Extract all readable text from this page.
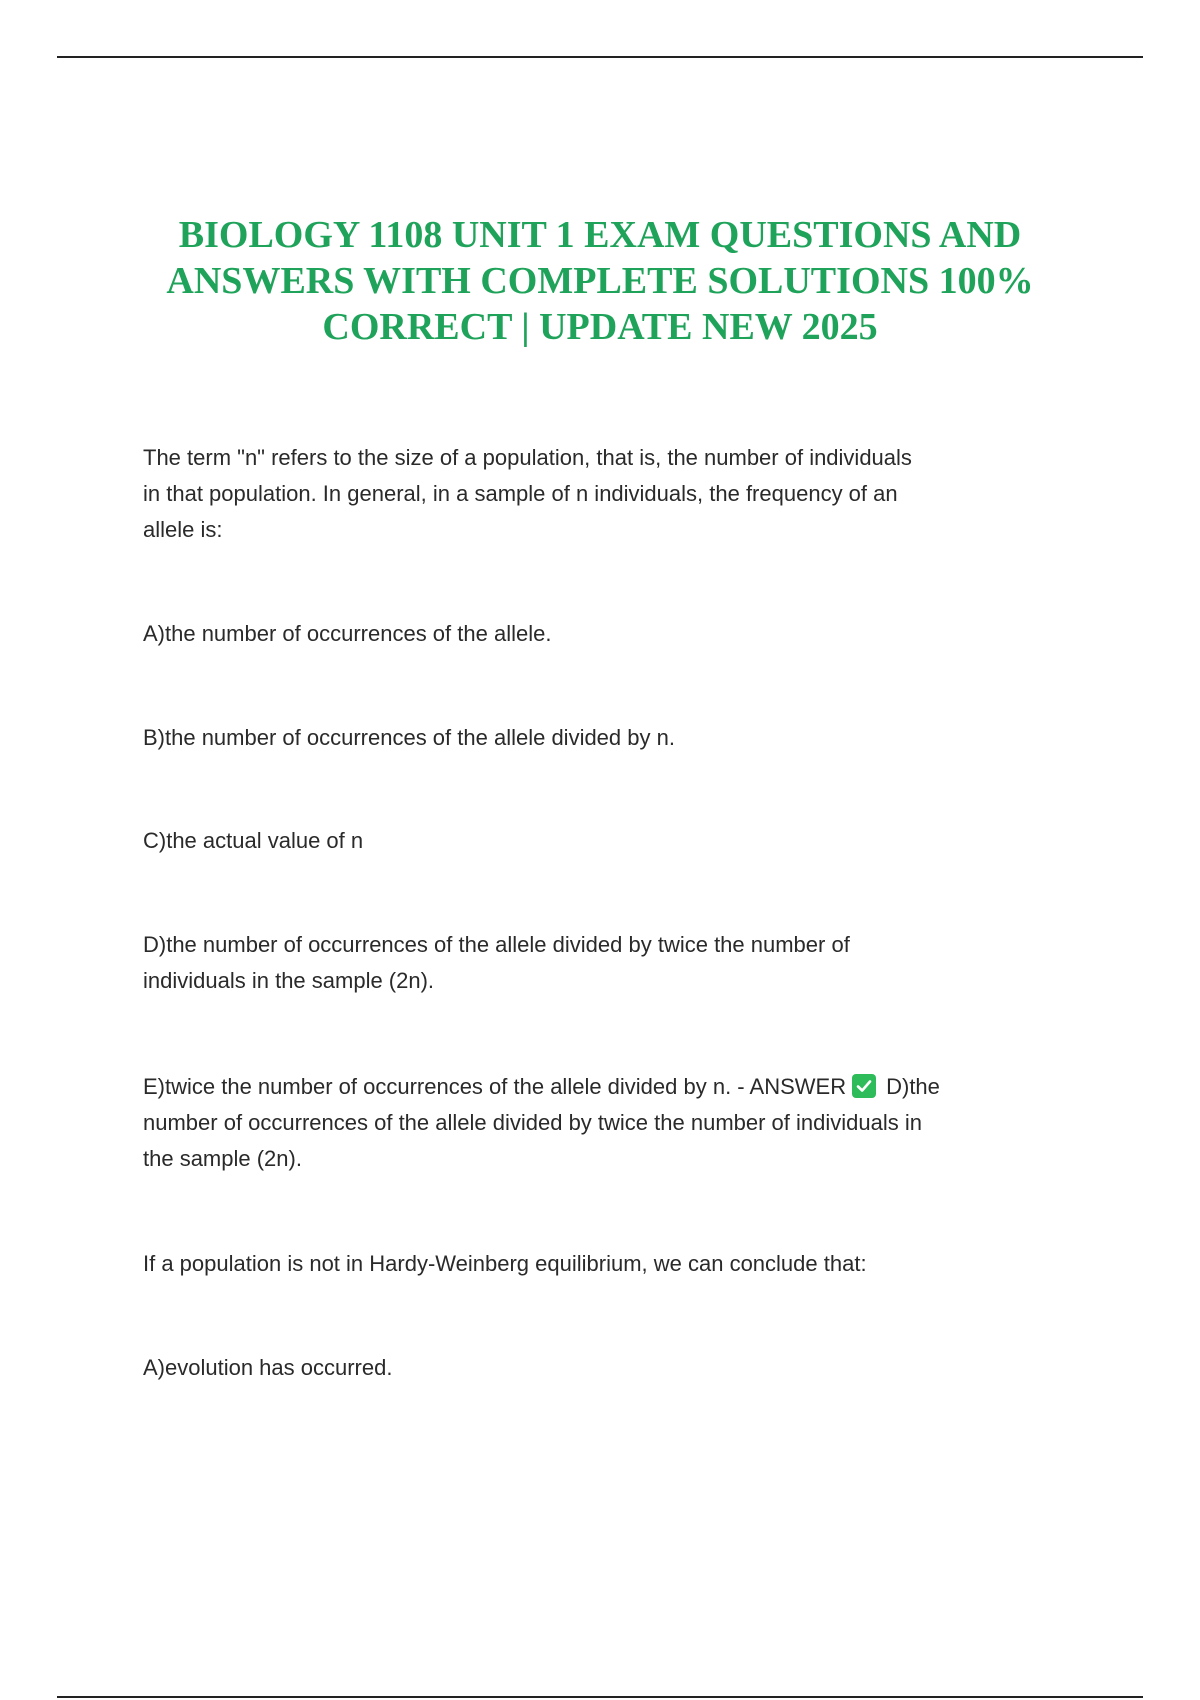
BIOLOGY 1108 UNIT 1 EXAM QUESTIONS AND
ANSWERS WITH COMPLETE SOLUTIONS 100%
CORRECT | UPDATE NEW 2025

The term "n" refers to the size of a population, that is, the number of individuals
in that population. In general, in a sample of n individuals, the frequency of an
allele is:

A)the number of occurrences of the allele.

B)the number of occurrences of the allele divided by n.

C)the actual value of n

D)the number of occurrences of the allele divided by twice the number of
individuals in the sample (2n).

E)twice the number of occurrences of the allele divided by n. - ANSWER D)the
number of occurrences of the allele divided by twice the number of individuals in
the sample (2n).

If a population is not in Hardy-Weinberg equilibrium, we can conclude that:

A)evolution has occurred.
